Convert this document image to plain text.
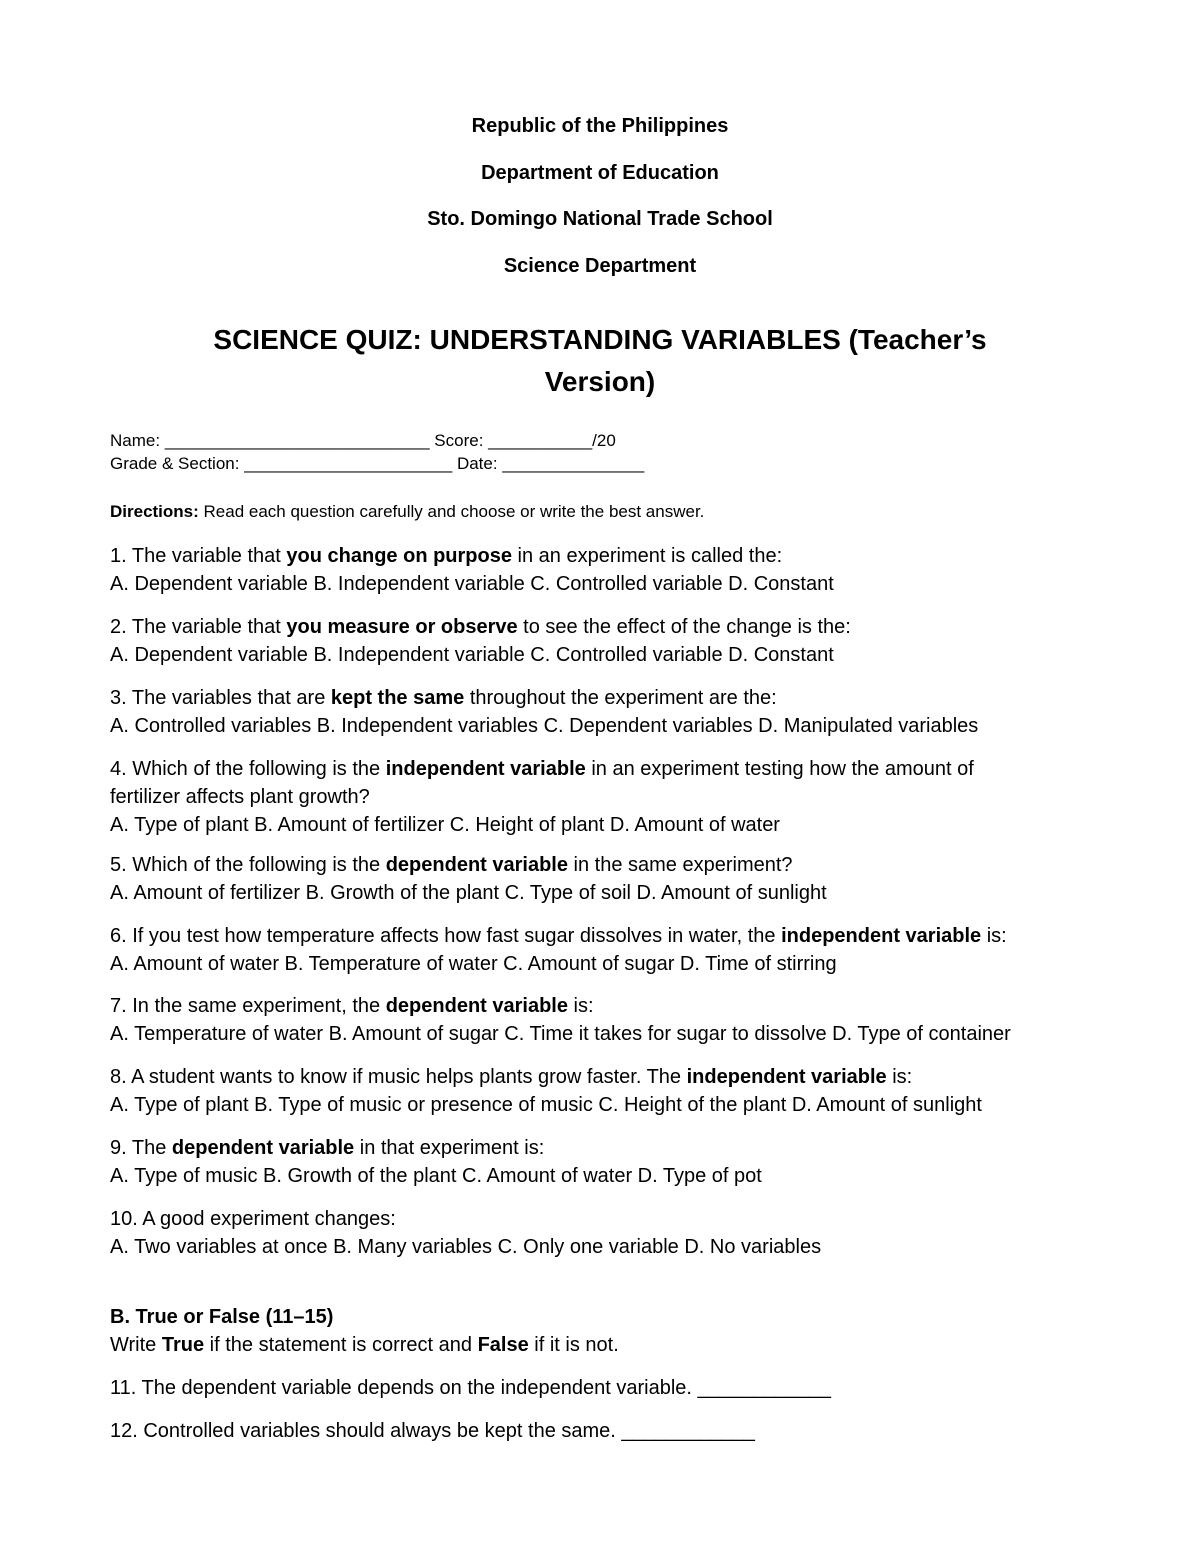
Republic of the Philippines
Department of Education
Sto. Domingo National Trade School
Science Department
SCIENCE QUIZ: UNDERSTANDING VARIABLES (Teacher’s
Version)
Name: ____________________________ Score: ___________/20
Grade & Section: ______________________ Date: _______________
Directions: Read each question carefully and choose or write the best answer.

1. The variable that you change on purpose in an experiment is called the:

A. Dependent variable B. Independent variable C. Controlled variable D. Constant

2. The variable that you measure or observe to see the effect of the change is the:

A. Dependent variable B. Independent variable C. Controlled variable D. Constant

3. The variables that are kept the same throughout the experiment are the:

A. Controlled variables B. Independent variables C. Dependent variables D. Manipulated variables

4. Which of the following is the independent variable in an experiment testing how the amount of

fertilizer affects plant growth?

A. Type of plant B. Amount of fertilizer C. Height of plant D. Amount of water

5. Which of the following is the dependent variable in the same experiment?

A. Amount of fertilizer B. Growth of the plant C. Type of soil D. Amount of sunlight

6. If you test how temperature affects how fast sugar dissolves in water, the independent variable is:

A. Amount of water B. Temperature of water C. Amount of sugar D. Time of stirring

7. In the same experiment, the dependent variable is:

A. Temperature of water B. Amount of sugar C. Time it takes for sugar to dissolve D. Type of container

8. A student wants to know if music helps plants grow faster. The independent variable is:

A. Type of plant B. Type of music or presence of music C. Height of the plant D. Amount of sunlight

9. The dependent variable in that experiment is:

A. Type of music B. Growth of the plant C. Amount of water D. Type of pot

10. A good experiment changes:

A. Two variables at once B. Many variables C. Only one variable D. No variables

B. True or False (11–15)

Write True if the statement is correct and False if it is not.

11. The dependent variable depends on the independent variable. ____________

12. Controlled variables should always be kept the same. ____________
